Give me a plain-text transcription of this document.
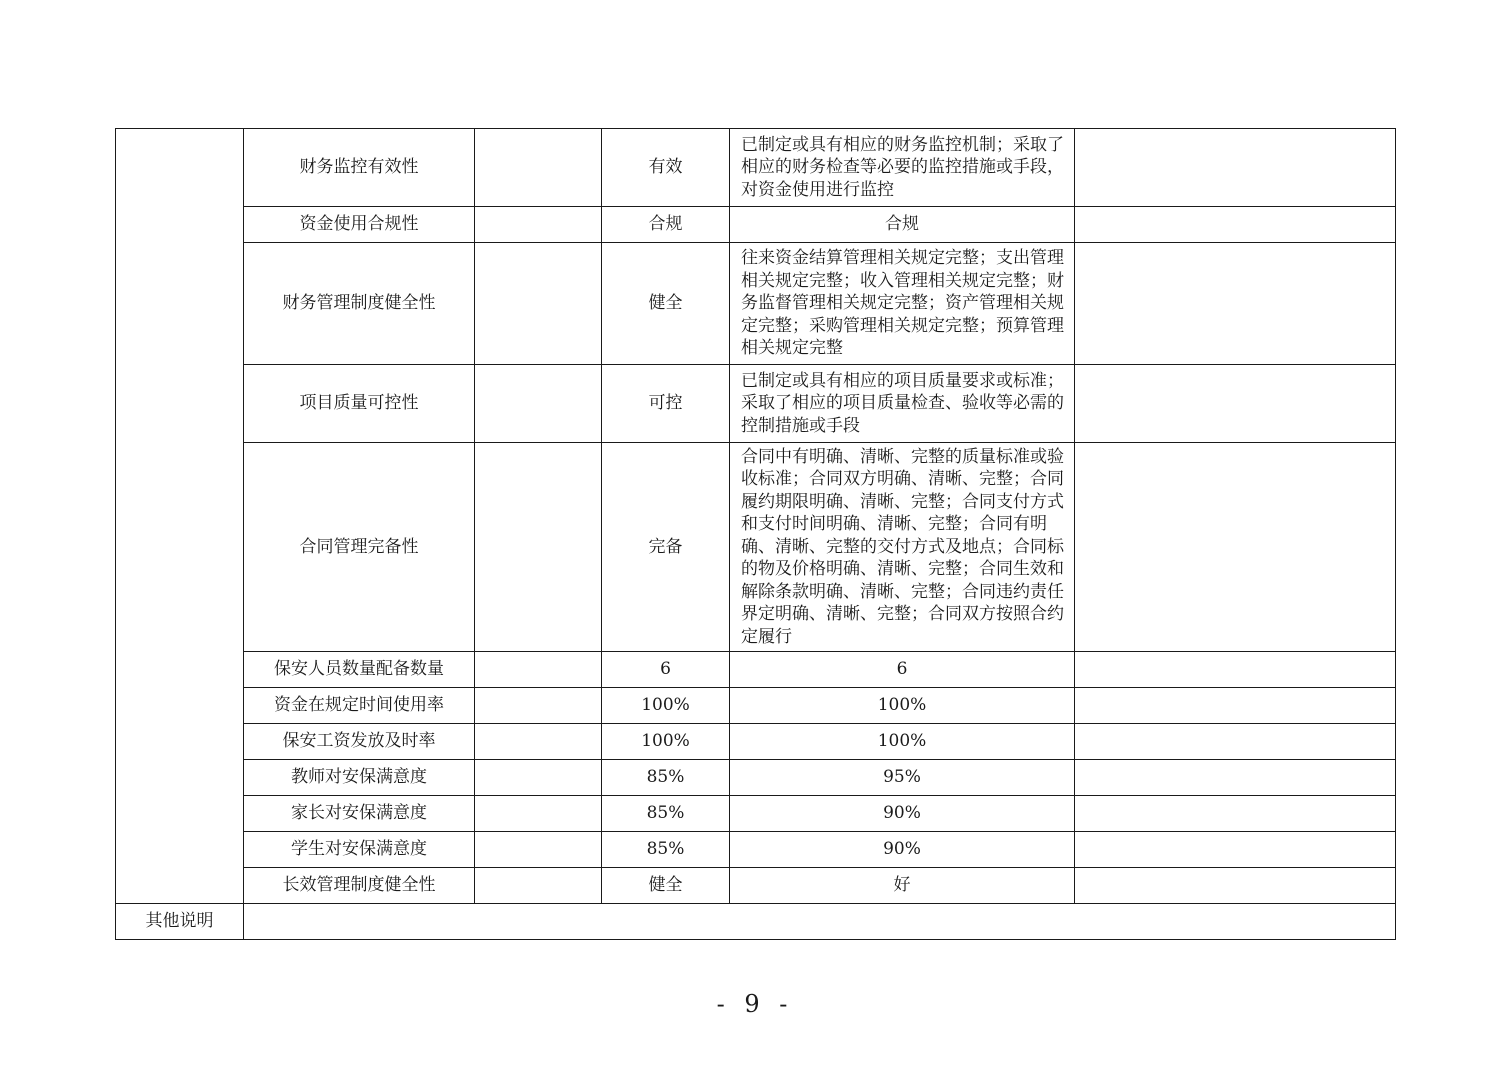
	财务监控有效性		有效	已制定或具有相应的财务监控机制；采取了相应的财务检查等必要的监控措施或手段，对资金使用进行监控	
	资金使用合规性		合规	合规	
	财务管理制度健全性		健全	往来资金结算管理相关规定完整；支出管理相关规定完整；收入管理相关规定完整；财务监督管理相关规定完整；资产管理相关规定完整；采购管理相关规定完整；预算管理相关规定完整	
	项目质量可控性		可控	已制定或具有相应的项目质量要求或标准；采取了相应的项目质量检查、验收等必需的控制措施或手段	
	合同管理完备性		完备	合同中有明确、清晰、完整的质量标准或验收标准；合同双方明确、清晰、完整；合同履约期限明确、清晰、完整；合同支付方式和支付时间明确、清晰、完整；合同有明确、清晰、完整的交付方式及地点；合同标的物及价格明确、清晰、完整；合同生效和解除条款明确、清晰、完整；合同违约责任界定明确、清晰、完整；合同双方按照合约定履行	
	保安人员数量配备数量		6	6	
	资金在规定时间使用率		100%	100%	
	保安工资发放及时率		100%	100%	
	教师对安保满意度		85%	95%	
	家长对安保满意度		85%	90%	
	学生对安保满意度		85%	90%	
	长效管理制度健全性		健全	好	
其他说明					
- 9 -
